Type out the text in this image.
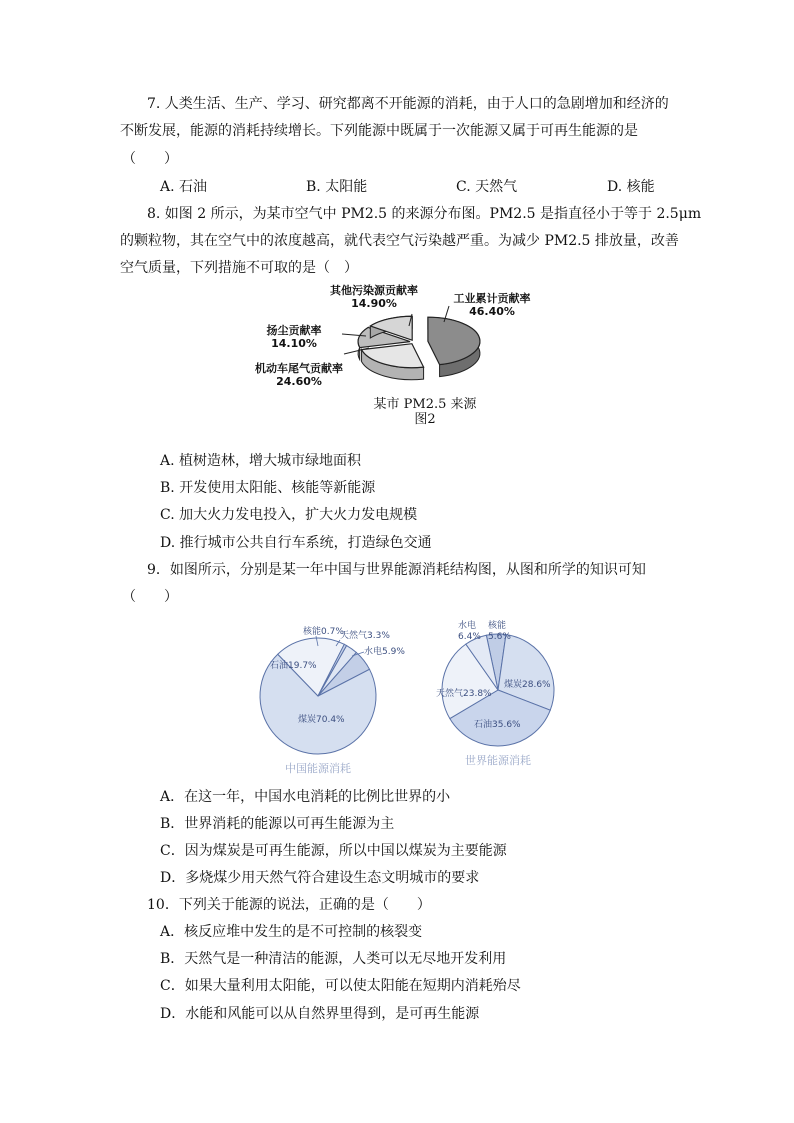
7. 人类生活、生产、学习、研究都离不开能源的消耗，由于人口的急剧增加和经济的
不断发展，能源的消耗持续增长。下列能源中既属于一次能源又属于可再生能源的是
（　　）
A. 石油	B. 太阳能	C. 天然气	D. 核能
8. 如图 2 所示，为某市空气中 PM2.5 的来源分布图。PM2.5 是指直径小于等于 2.5μm
的颗粒物，其在空气中的浓度越高，就代表空气污染越严重。为减少 PM2.5 排放量，改善
空气质量，下列措施不可取的是（　）
工业累计贡献率
46.40%
机动车尾气贡献率
24.60%
扬尘贡献率
14.10%
其他污染源贡献率
14.90%
某市 PM2.5 来源
图2
A. 植树造林，增大城市绿地面积
B. 开发使用太阳能、核能等新能源
C. 加大火力发电投入，扩大火力发电规模
D. 推行城市公共自行车系统，打造绿色交通
9．如图所示，分别是某一年中国与世界能源消耗结构图，从图和所学的知识可知
（　　）
煤炭70.4%
石油19.7%
核能0.7%
天然气3.3%
水电5.9%
中国能源消耗
煤炭28.6%
石油35.6%
天然气23.8%
水电
6.4%
核能
5.6%
世界能源消耗
A．在这一年，中国水电消耗的比例比世界的小
B．世界消耗的能源以可再生能源为主
C．因为煤炭是可再生能源，所以中国以煤炭为主要能源
D．多烧煤少用天然气符合建设生态文明城市的要求
10．下列关于能源的说法，正确的是（　　）
A．核反应堆中发生的是不可控制的核裂变
B．天然气是一种清洁的能源，人类可以无尽地开发利用
C．如果大量利用太阳能，可以使太阳能在短期内消耗殆尽
D．水能和风能可以从自然界里得到，是可再生能源
